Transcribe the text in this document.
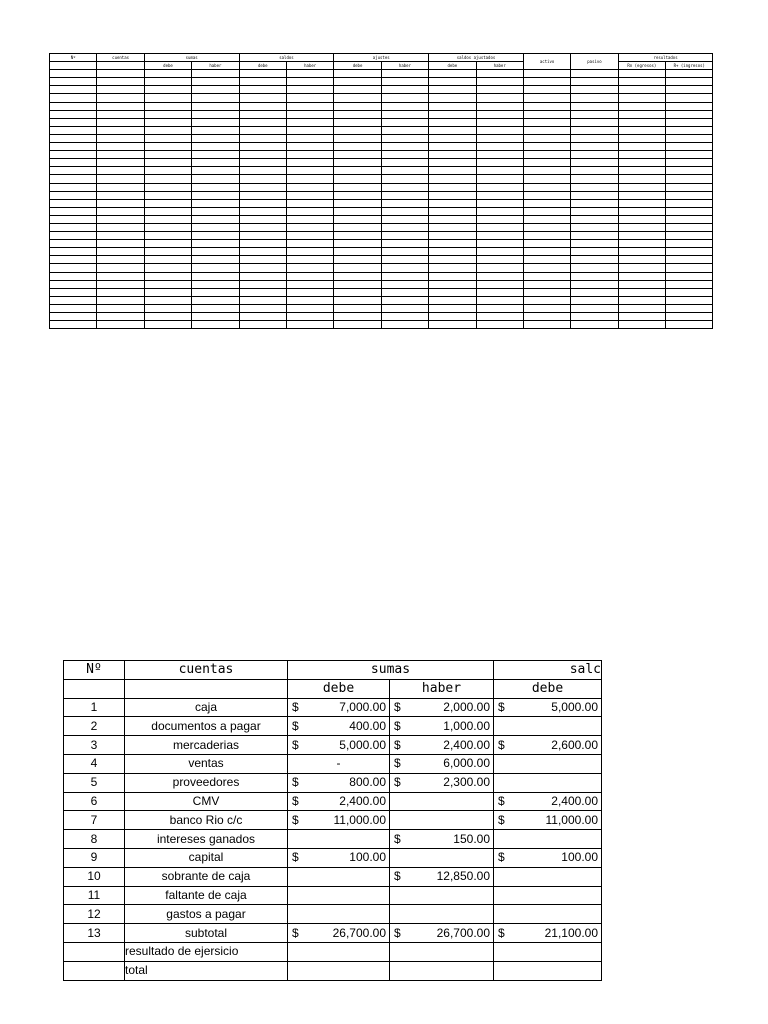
Nº	cuentas	sumas		saldos		ajustes		saldos ajustados		activo	pasivo	resultados	
		debe	haber	debe	haber	debe	haber	debe	haber			Rn (egresos)	R+ (ingresos)

Nº	cuentas	sumas		salc
		debe	haber	debe
1	caja	$ 7,000.00	$ 2,000.00	$ 5,000.00

2	documentos a pagar	$ 400.00	$ 1,000.00	

3	mercaderias	$ 5,000.00	$ 2,400.00	$ 2,600.00

4	ventas	-	$ 6,000.00	

5	proveedores	$ 800.00	$ 2,300.00	

6	CMV	$ 2,400.00		$ 2,400.00

7	banco Rio c/c	$ 11,000.00		$ 11,000.00

8	intereses ganados		$ 150.00	

9	capital	$ 100.00		$ 100.00

10	sobrante de caja		$ 12,850.00	

11	faltante de caja			
12	gastos a pagar			
13	subtotal	$ 26,700.00	$ 26,700.00	$ 21,100.00

	resultado de ejersicio			
	total			
